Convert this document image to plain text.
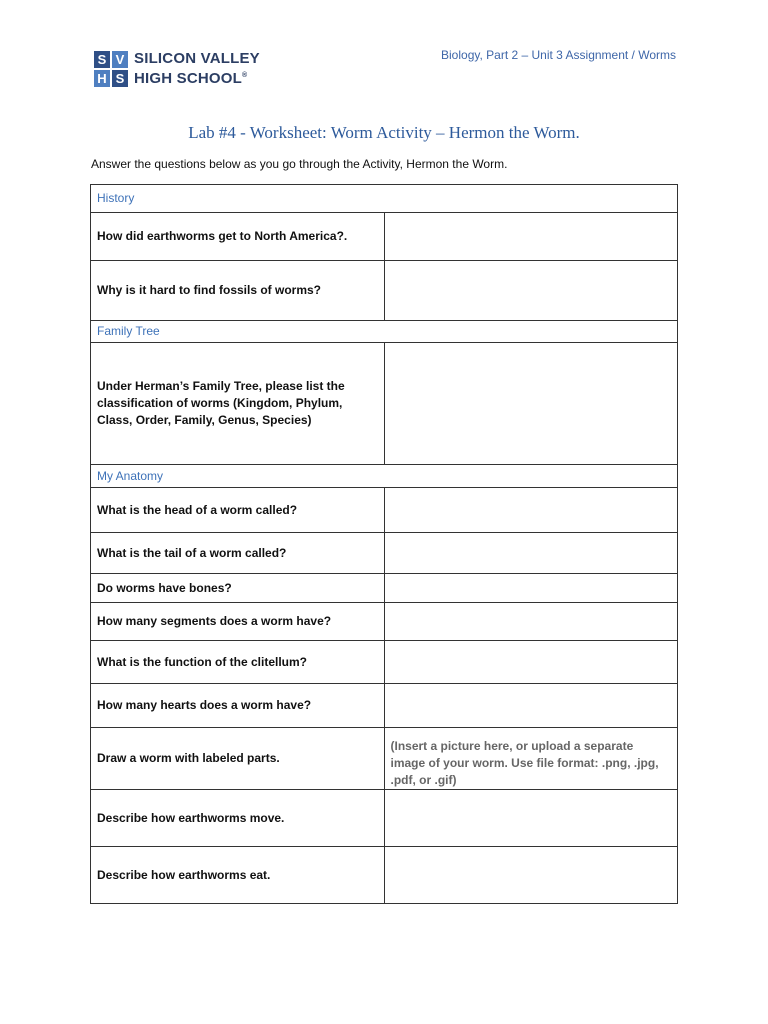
S V
H S
SILICON VALLEY
HIGH SCHOOL®
Biology, Part 2 – Unit 3 Assignment / Worms
Lab #4 - Worksheet: Worm Activity – Hermon the Worm.
Answer the questions below as you go through the Activity, Hermon the Worm.
History	
How did earthworms get to North America?.	
Why is it hard to find fossils of worms?	
Family Tree	
Under Herman’s Family Tree, please list the classification of worms (Kingdom, Phylum, Class, Order, Family, Genus, Species)	
My Anatomy	
What is the head of a worm called?	
What is the tail of a worm called?	
Do worms have bones?	
How many segments does a worm have?	
What is the function of the clitellum?	
How many hearts does a worm have?	
Draw a worm with labeled parts.	(Insert a picture here, or upload a separate image of your worm. Use file format: .png, .jpg, .pdf, or .gif)
Describe how earthworms move.	
Describe how earthworms eat.	
